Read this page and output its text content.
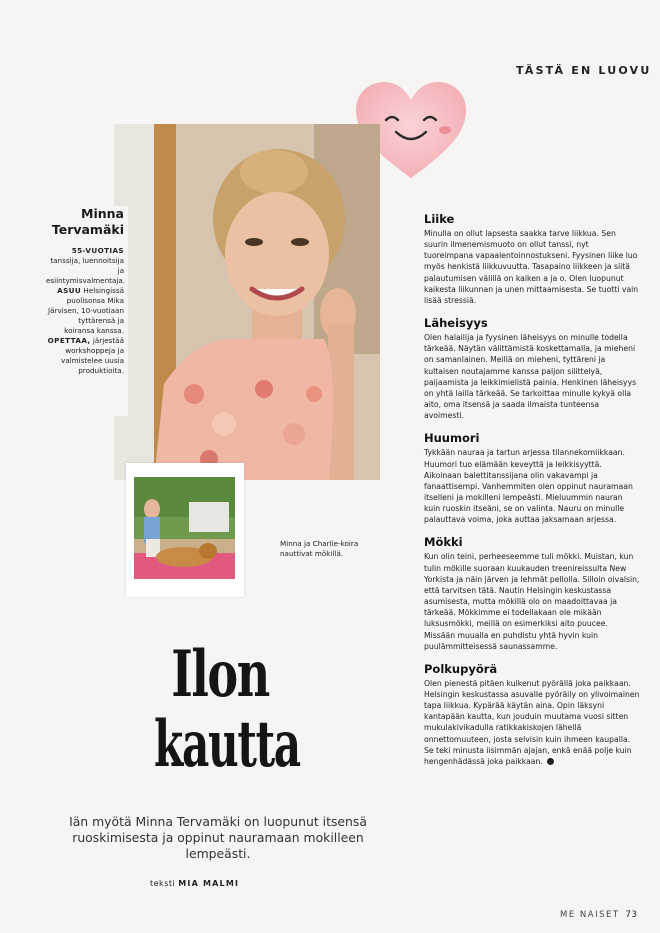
TÄSTÄ EN LUOVU
Minna
Tervamäki
55-VUOTIAS tanssija, luennoitsija ja esiintymisvalmentaja. ASUU Helsingissä puolisonsa Mika Järvisen, 10-vuotiaan tyttärensä ja koiransa kanssa. OPETTAA, järjestää workshoppeja ja valmistelee uusia produktioita.
Minna ja Charlie-koira nauttivat mökillä.
Ilon
kautta
Iän myötä Minna Tervamäki on luopunut itsensä ruoskimisesta ja oppinut nauramaan mokilleen lempeästi.
teksti MIA MALMI
Liike

Minulla on ollut lapsesta saakka tarve liikkua. Sen suurin ilmenemismuoto on ollut tanssi, nyt tuoreimpana vapaalentoinnostukseni. Fyysinen liike luo myös henkistä liikkuvuutta. Tasapaino liikkeen ja siitä palautumisen välillä on kaiken a ja o. Olen luopunut kaikesta liikunnan ja unen mittaamisesta. Se tuotti vain lisää stressiä.

Läheisyys

Olen halailija ja fyysinen läheisyys on minulle todella tärkeää. Näytän välittämistä koskettamalla, ja mieheni on samanlainen. Meillä on mieheni, tyttäreni ja kultaisen noutajamme kanssa paljon silittelyä, paijaamista ja leikkimielistä painia. Henkinen läheisyys on yhtä lailla tärkeää. Se tarkoittaa minulle kykyä olla aito, oma itsensä ja saada ilmaista tunteensa avoimesti.

Huumori

Tykkään nauraa ja tartun arjessa tilannekomiikkaan. Huumori tuo elämään keveyttä ja leikkisyyttä. Aikoinaan balettitanssijana olin vakavampi ja fanaattisempi. Vanhemmiten olen oppinut nauramaan itselleni ja mokilleni lempeästi. Mieluummin nauran kuin ruoskin itseäni, se on valinta. Nauru on minulle palauttava voima, joka auttaa jaksamaan arjessa.

Mökki

Kun olin teini, perheeseemme tuli mökki. Muistan, kun tulin mökille suoraan kuukauden treenireissulta New Yorkista ja näin järven ja lehmät pellolla. Silloin oivalsin, että tarvitsen tätä. Nautin Helsingin keskustassa asumisesta, mutta mökillä olo on maadoittavaa ja tärkeää. Mökkimme ei todellakaan ole mikään luksusmökki, meillä on esimerkiksi aito puucee. Missään muualla en puhdistu yhtä hyvin kuin puulämmitteisessä saunassamme.

Polkupyörä

Olen pienestä pitäen kulkenut pyörällä joka paikkaan. Helsingin keskustassa asuvalle pyöräily on ylivoimainen tapa liikkua. Kypärää käytän aina. Opin läksyni kantapään kautta, kun jouduin muutama vuosi sitten mukulakivikadulla ratikkakiskojen lähellä onnettomuuteen, josta selvisin kuin ihmeen kaupalla. Se teki minusta iisimmän ajajan, enkä enää polje kuin hengenhädässä joka paikkaan.

ME NAISET 73
